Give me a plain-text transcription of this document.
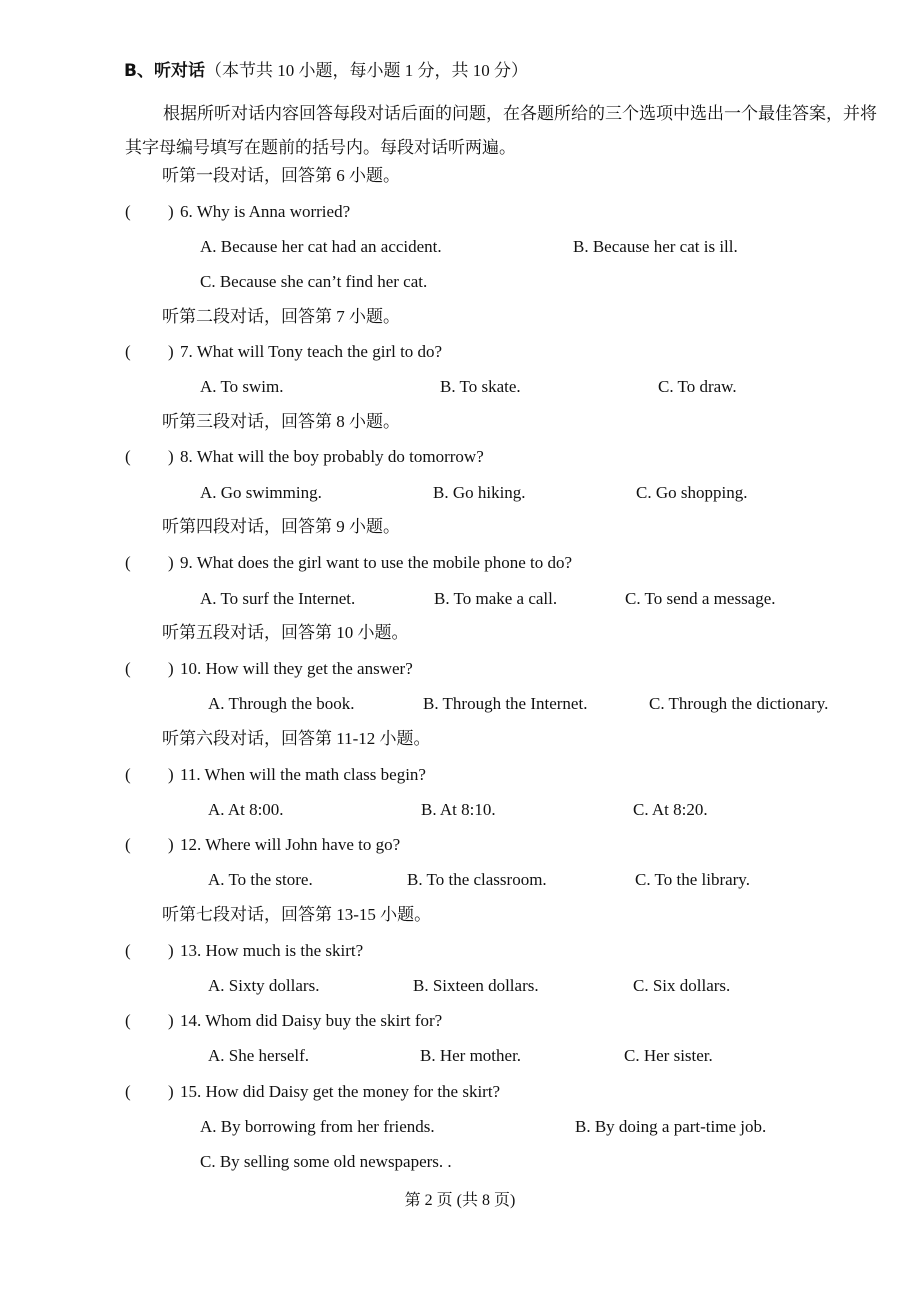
B、听对话（本节共 10 小题，每小题 1 分，共 10 分）
根据所听对话内容回答每段对话后面的问题，在各题所给的三个选项中选出一个最佳答案，并将其字母编号填写在题前的括号内。每段对话听两遍。
听第一段对话，回答第 6 小题。
听第二段对话，回答第 7 小题。
听第三段对话，回答第 8 小题。
听第四段对话，回答第 9 小题。
听第五段对话，回答第 10 小题。
听第六段对话，回答第 11-12 小题。
听第七段对话，回答第 13-15 小题。
( ) 6. Why is Anna worried?
A. Because her cat had an accident.	B. Because her cat is ill.
C. Because she can’t find her cat.
( ) 7. What will Tony teach the girl to do?
A. To swim.	B. To skate.	C. To draw.
( ) 8. What will the boy probably do tomorrow?
A. Go swimming.	B. Go hiking.	C. Go shopping.
( ) 9. What does the girl want to use the mobile phone to do?
A. To surf the Internet.	B. To make a call.	C. To send a message.
( ) 10. How will they get the answer?
A. Through the book.	B. Through the Internet.	C. Through the dictionary.
( ) 11. When will the math class begin?
A. At 8:00.	B. At 8:10.	C. At 8:20.
( ) 12. Where will John have to go?
A. To the store.	B. To the classroom.	C. To the library.
( ) 13. How much is the skirt?
A. Sixty dollars.	B. Sixteen dollars.	C. Six dollars.
( ) 14. Whom did Daisy buy the skirt for?
A. She herself.	B. Her mother.	C. Her sister.
( ) 15. How did Daisy get the money for the skirt?
A. By borrowing from her friends.	B. By doing a part-time job.
C. By selling some old newspapers. .
第 2 页 (共 8 页)
